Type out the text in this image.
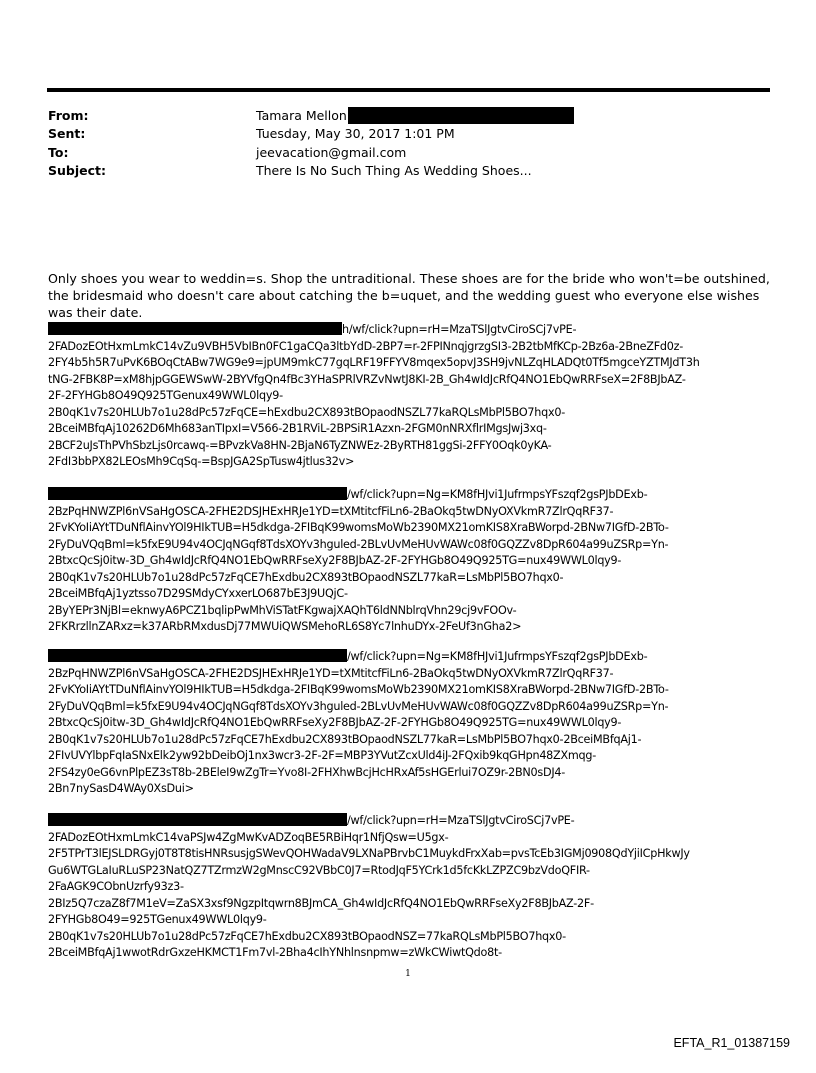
From:	Tamara Mellon
Sent:	Tuesday, May 30, 2017 1:01 PM
To:	jeevacation@gmail.com
Subject:	There Is No Such Thing As Wedding Shoes...

Only shoes you wear to weddin=s. Shop the untraditional. These shoes are for the bride who won't=be outshined, the bridesmaid who doesn't care about catching the b=uquet, and the wedding guest who everyone else wishes was their date.

h/wf/click?upn=rH=MzaTSlJgtvCiroSCj7vPE-
2FADozEOtHxmLmkC14vZu9VBH5VbIBn0FC1gaCQa3ltbYdD-2BP7=r-2FPINnqjgrzgSI3-2B2tbMfKCp-2Bz6a-2BneZFd0z-
2FY4b5h5R7uPvK6BOqCtABw7WG9e9=jpUM9mkC77gqLRF19FFYV8mqex5opvJ3SH9jvNLZqHLADQt0Tf5mgceYZTMJdT3h
tNG-2FBK8P=xM8hjpGGEWSwW-2BYVfgQn4fBc3YHaSPRlVRZvNwtJ8KI-2B_Gh4wIdJcRfQ4NO1EbQwRRFseX=2F8BJbAZ-
2F-2FYHGb8O49Q925TGenux49WWL0lqy9-
2B0qK1v7s20HLUb7o1u28dPc57zFqCE=hExdbu2CX893tBOpaodNSZL77kaRQLsMbPl5BO7hqx0-
2BceiMBfqAj10262D6Mh683anTIpxI=V566-2B1RViL-2BPSiR1Azxn-2FGM0nNRXflrIMgsJwj3xq-
2BCF2uJsThPVhSbzLjs0rcawq-=BPvzkVa8HN-2BjaN6TyZNWEz-2ByRTH81ggSi-2FFY0Oqk0yKA-
2FdI3bbPX82LEOsMh9CqSq-=BspJGA2SpTusw4jtlus32v>
/wf/click?upn=Ng=KM8fHJvi1JufrmpsYFszqf2gsPJbDExb-
2BzPqHNWZPl6nVSaHgOSCA-2FHE2DSJHExHRJe1YD=tXMtitcfFiLn6-2BaOkq5twDNyOXVkmR7ZlrQqRF37-
2FvKYoIiAYtTDuNflAinvYOl9HIkTUB=H5dkdga-2FIBqK99womsMoWb2390MX21omKIS8XraBWorpd-2BNw7IGfD-2BTo-
2FyDuVQqBml=k5fxE9U94v4OCJqNGqf8TdsXOYv3hguled-2BLvUvMeHUvWAWc08f0GQZZv8DpR604a99uZSRp=Yn-
2BtxcQcSj0itw-3D_Gh4wIdJcRfQ4NO1EbQwRRFseXy2F8BJbAZ-2F-2FYHGb8O49Q925TG=nux49WWL0lqy9-
2B0qK1v7s20HLUb7o1u28dPc57zFqCE7hExdbu2CX893tBOpaodNSZL77kaR=LsMbPl5BO7hqx0-
2BceiMBfqAj1yztsso7D29SMdyCYxxerLO687bE3J9UQjC-
2ByYEPr3NjBl=eknwyA6PCZ1bqlipPwMhViSTatFKgwajXAQhT6ldNNblrqVhn29cj9vFOOv-
2FKRrzllnZARxz=k37ARbRMxdusDj77MWUiQWSMehoRL6S8Yc7lnhuDYx-2FeUf3nGha2>
/wf/click?upn=Ng=KM8fHJvi1JufrmpsYFszqf2gsPJbDExb-
2BzPqHNWZPl6nVSaHgOSCA-2FHE2DSJHExHRJe1YD=tXMtitcfFiLn6-2BaOkq5twDNyOXVkmR7ZlrQqRF37-
2FvKYoIiAYtTDuNflAinvYOl9HIkTUB=H5dkdga-2FIBqK99womsMoWb2390MX21omKIS8XraBWorpd-2BNw7IGfD-2BTo-
2FyDuVQqBml=k5fxE9U94v4OCJqNGqf8TdsXOYv3hguled-2BLvUvMeHUvWAWc08f0GQZZv8DpR604a99uZSRp=Yn-
2BtxcQcSj0itw-3D_Gh4wIdJcRfQ4NO1EbQwRRFseXy2F8BJbAZ-2F-2FYHGb8O49Q925TG=nux49WWL0lqy9-
2B0qK1v7s20HLUb7o1u28dPc57zFqCE7hExdbu2CX893tBOpaodNSZL77kaR=LsMbPl5BO7hqx0-2BceiMBfqAj1-
2FIvUVYlbpFqIaSNxElk2yw92bDeibOj1nx3wcr3-2F-2F=MBP3YVutZcxUld4iJ-2FQxib9kqGHpn48ZXmqg-
2FS4zy0eG6vnPlpEZ3sT8b-2BEleI9wZgTr=Yvo8I-2FHXhwBcjHcHRxAf5sHGErlui7OZ9r-2BN0sDJ4-
2Bn7nySasD4WAy0XsDui>
/wf/click?upn=rH=MzaTSlJgtvCiroSCj7vPE-
2FADozEOtHxmLmkC14vaPSJw4ZgMwKvADZoqBE5RBiHqr1NfjQsw=U5gx-
2F5TPrT3lEJSLDRGyj0T8T8tisHNRsusjgSWevQOHWadaV9LXNaPBrvbC1MuykdFrxXab=pvsTcEb3IGMj0908QdYjiICpHkwJy
Gu6WTGLaIuRLuSP23NatQZ7TZrmzW2gMnscC92VBbC0J7=RtodJqF5YCrk1d5fcKkLZPZC9bzVdoQFIR-
2FaAGK9CObnUzrfy93z3-
2BIz5Q7czaZ8f7M1eV=ZaSX3xsf9NgzpItqwrn8BJmCA_Gh4wIdJcRfQ4NO1EbQwRRFseXy2F8BJbAZ-2F-
2FYHGb8O49=925TGenux49WWL0lqy9-
2B0qK1v7s20HLUb7o1u28dPc57zFqCE7hExdbu2CX893tBOpaodNSZ=77kaRQLsMbPl5BO7hqx0-
2BceiMBfqAj1wwotRdrGxzeHKMCT1Fm7vl-2Bha4cIhYNhlnsnpmw=zWkCWiwtQdo8t-
1
EFTA_R1_01387159
